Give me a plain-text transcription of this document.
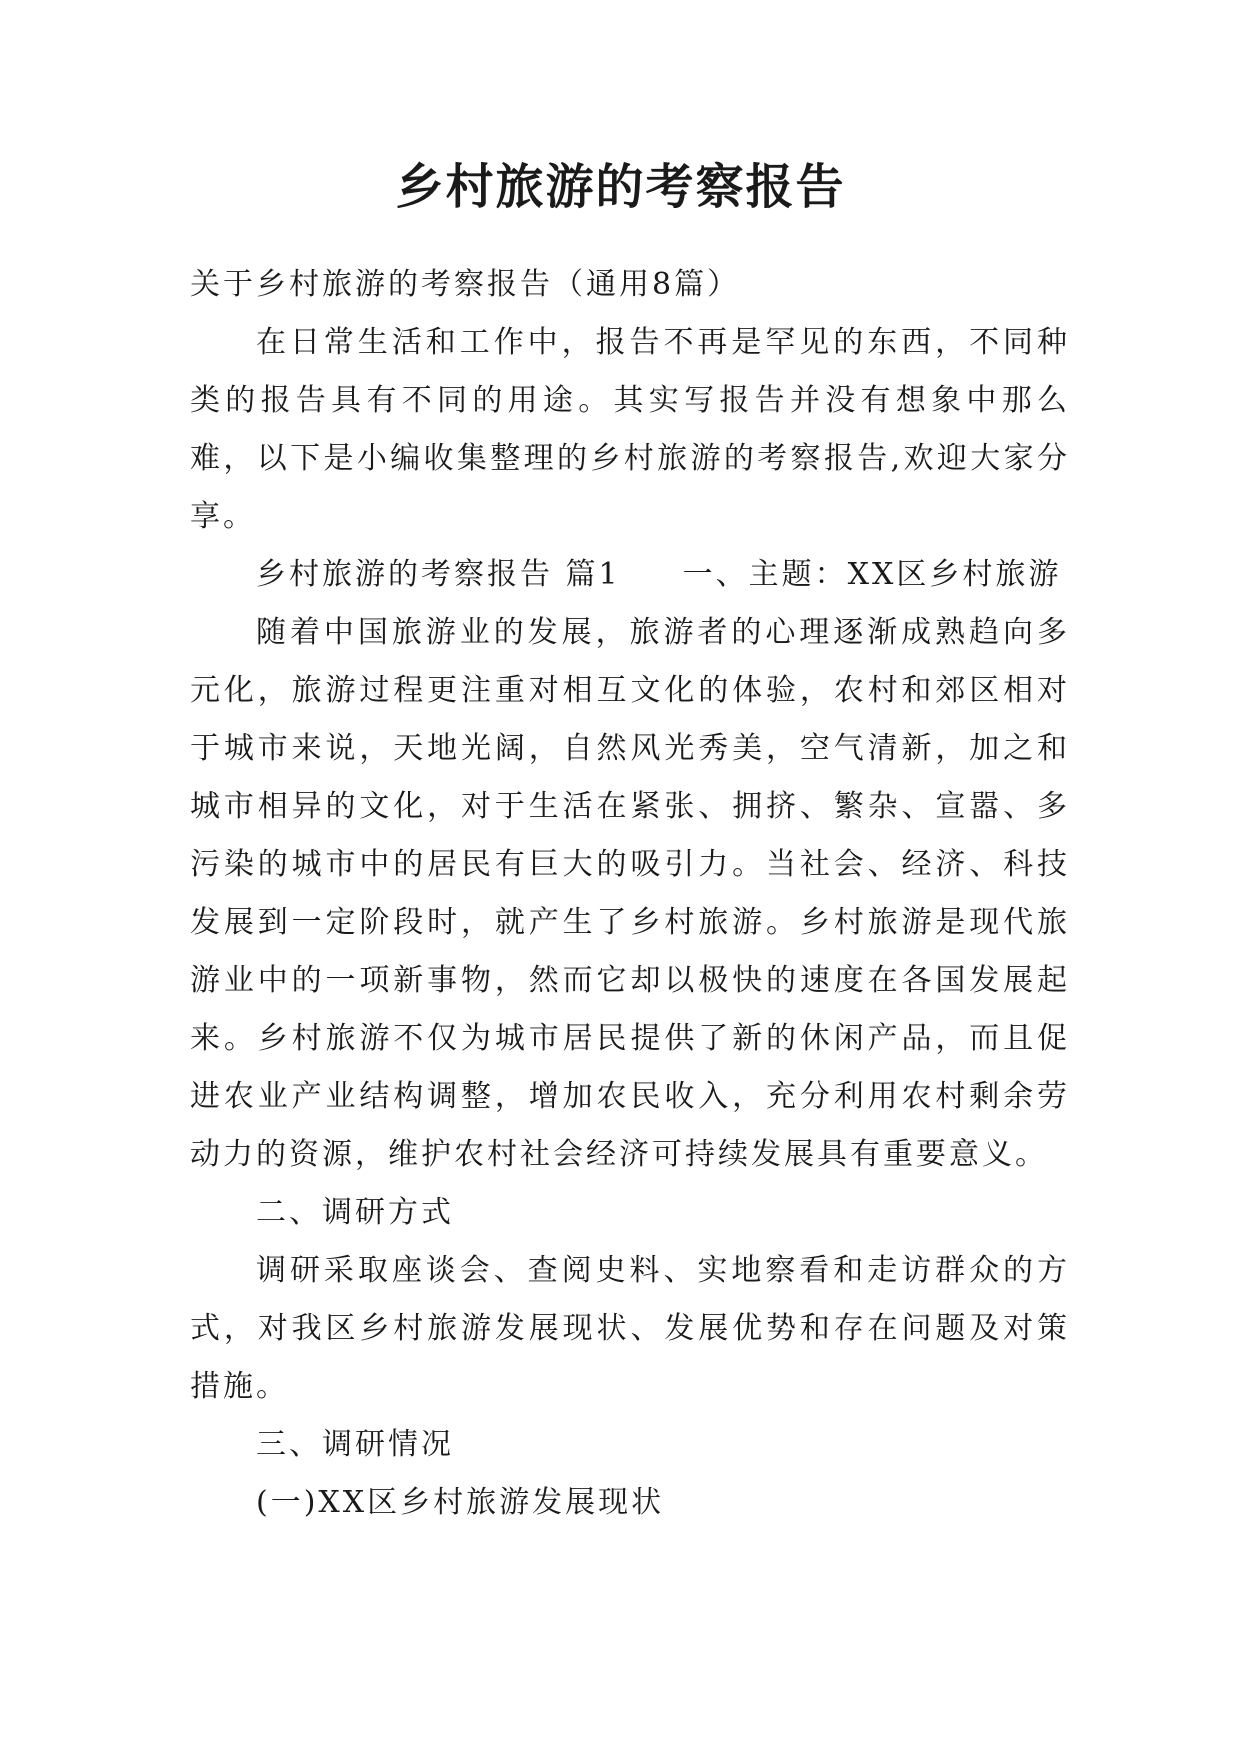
乡村旅游的考察报告

关于乡村旅游的考察报告（通用8篇）

在日常生活和工作中，报告不再是罕见的东西，不同种类的报告具有不同的用途。其实写报告并没有想象中那么难，以下是小编收集整理的乡村旅游的考察报告,欢迎大家分享。

乡村旅游的考察报告 篇1 一、主题：XX区乡村旅游

随着中国旅游业的发展，旅游者的心理逐渐成熟趋向多元化，旅游过程更注重对相互文化的体验，农村和郊区相对于城市来说，天地光阔，自然风光秀美，空气清新，加之和城市相异的文化，对于生活在紧张、拥挤、繁杂、宣嚣、多污染的城市中的居民有巨大的吸引力。当社会、经济、科技发展到一定阶段时，就产生了乡村旅游。乡村旅游是现代旅游业中的一项新事物，然而它却以极快的速度在各国发展起来。乡村旅游不仅为城市居民提供了新的休闲产品，而且促进农业产业结构调整，增加农民收入，充分利用农村剩余劳动力的资源，维护农村社会经济可持续发展具有重要意义。

二、调研方式

调研采取座谈会、查阅史料、实地察看和走访群众的方式，对我区乡村旅游发展现状、发展优势和存在问题及对策措施。

三、调研情况

(一)XX区乡村旅游发展现状
